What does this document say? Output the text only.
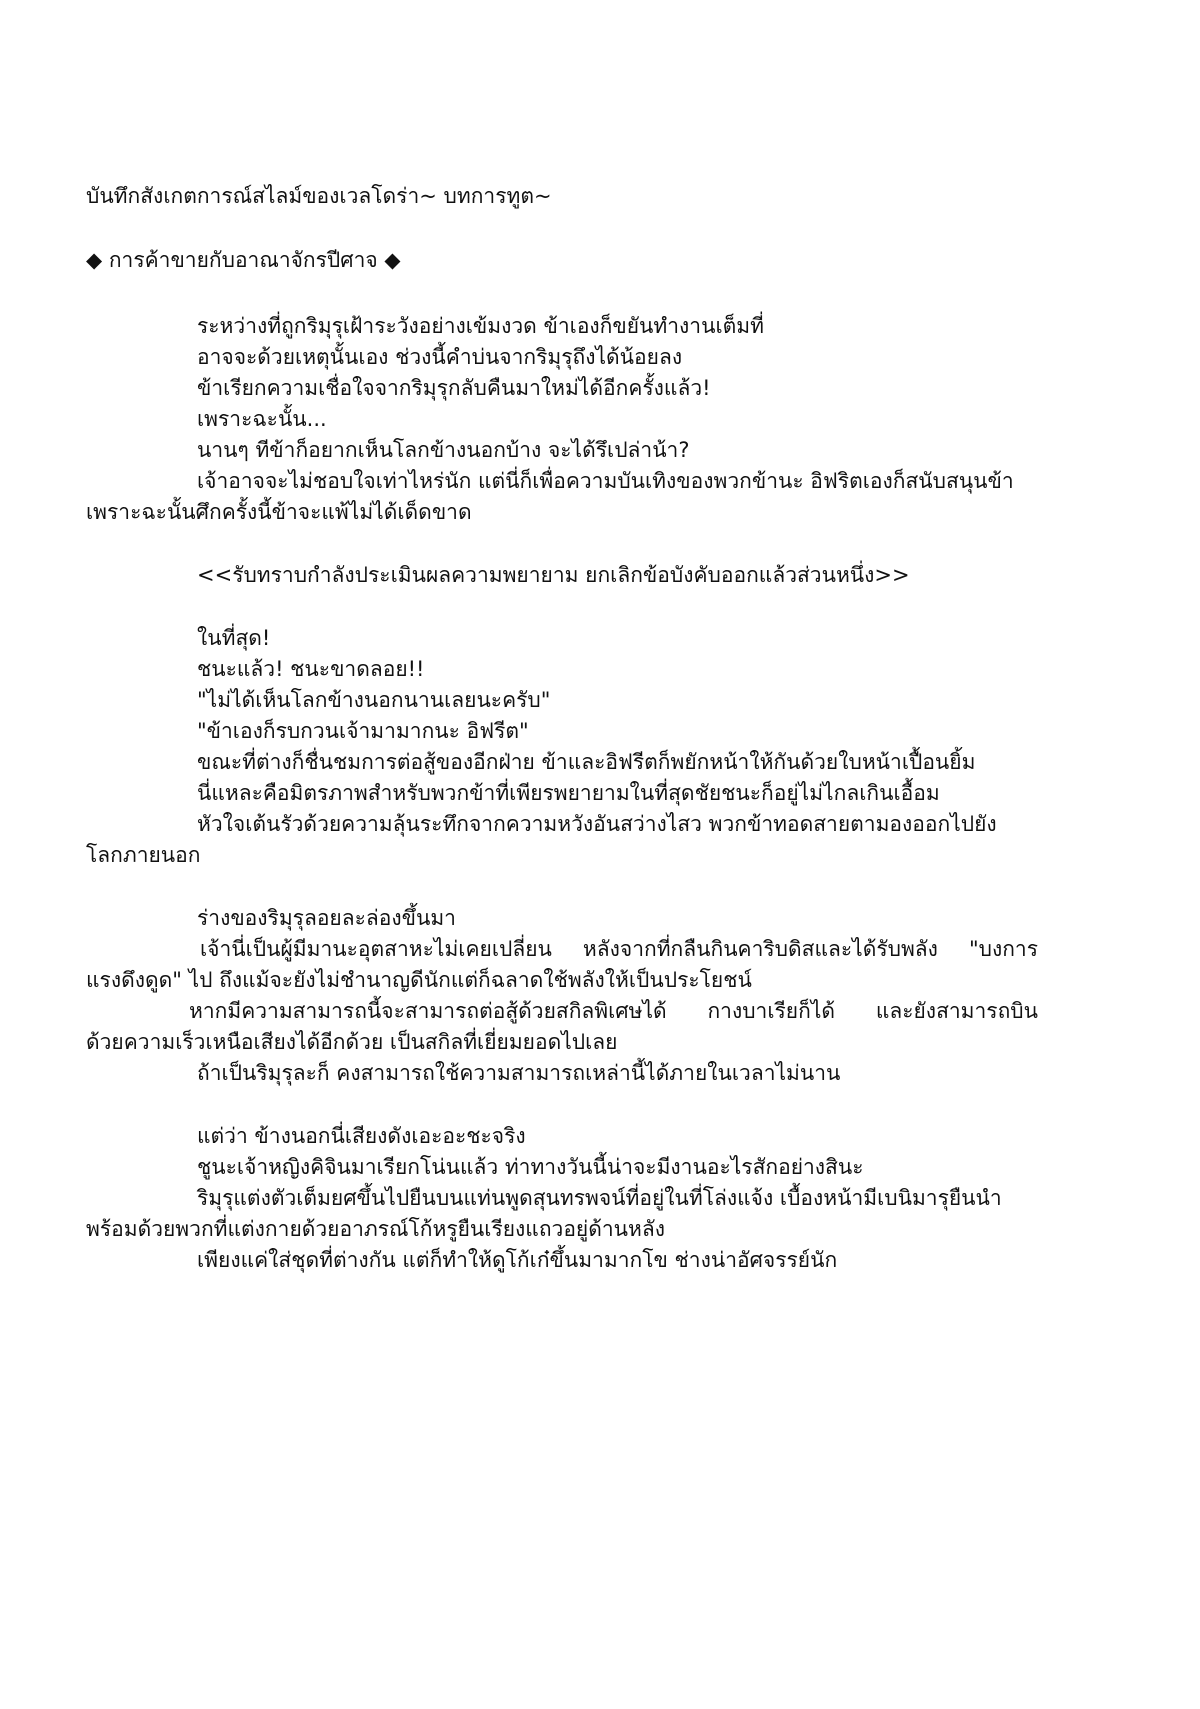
บันทึกสังเกตการณ์สไลม์ของเวลโดร่า~ บทการทูต~
◆ การค้าขายกับอาณาจักรปีศาจ ◆
ระหว่างที่ถูกริมุรุเฝ้าระวังอย่างเข้มงวด ข้าเองก็ขยันทำงานเต็มที่
อาจจะด้วยเหตุนั้นเอง ช่วงนี้คำบ่นจากริมุรุถึงได้น้อยลง
ข้าเรียกความเชื่อใจจากริมุรุกลับคืนมาใหม่ได้อีกครั้งแล้ว!
เพราะฉะนั้น...
นานๆ ทีข้าก็อยากเห็นโลกข้างนอกบ้าง จะได้รึเปล่าน้า?
เจ้าอาจจะไม่ชอบใจเท่าไหร่นัก แต่นี่ก็เพื่อความบันเทิงของพวกข้านะ อิฟริตเองก็สนับสนุนข้า
เพราะฉะนั้นศึกครั้งนี้ข้าจะแพ้ไม่ได้เด็ดขาด
<<รับทราบกำลังประเมินผลความพยายาม ยกเลิกข้อบังคับออกแล้วส่วนหนึ่ง>>
ในที่สุด!
ชนะแล้ว! ชนะขาดลอย!!
"ไม่ได้เห็นโลกข้างนอกนานเลยนะครับ"
"ข้าเองก็รบกวนเจ้ามามากนะ อิฟรีต"
ขณะที่ต่างก็ชื่นชมการต่อสู้ของอีกฝ่าย ข้าและอิฟรีตก็พยักหน้าให้กันด้วยใบหน้าเปื้อนยิ้ม
นี่แหละคือมิตรภาพสำหรับพวกข้าที่เพียรพยายามในที่สุดชัยชนะก็อยู่ไม่ไกลเกินเอื้อม
หัวใจเต้นรัวด้วยความลุ้นระทึกจากความหวังอันสว่างไสว พวกข้าทอดสายตามองออกไปยัง
โลกภายนอก
ร่างของริมุรุลอยละล่องขึ้นมา
เจ้านี่เป็นผู้มีมานะอุตสาหะไม่เคยเปลี่ยน หลังจากที่กลืนกินคาริบดิสและได้รับพลัง "บงการ
แรงดึงดูด" ไป ถึงแม้จะยังไม่ชำนาญดีนักแต่ก็ฉลาดใช้พลังให้เป็นประโยชน์
หากมีความสามารถนี้จะสามารถต่อสู้ด้วยสกิลพิเศษได้ กางบาเรียก็ได้ และยังสามารถบิน
ด้วยความเร็วเหนือเสียงได้อีกด้วย เป็นสกิลที่เยี่ยมยอดไปเลย
ถ้าเป็นริมุรุละก็ คงสามารถใช้ความสามารถเหล่านี้ได้ภายในเวลาไม่นาน
แต่ว่า ข้างนอกนี่เสียงดังเอะอะชะจริง
ชูนะเจ้าหญิงคิจินมาเรียกโน่นแล้ว ท่าทางวันนี้น่าจะมีงานอะไรสักอย่างสินะ
ริมุรุแต่งตัวเต็มยศขึ้นไปยืนบนแท่นพูดสุนทรพจน์ที่อยู่ในที่โล่งแจ้ง เบื้องหน้ามีเบนิมารุยืนนำ
พร้อมด้วยพวกที่แต่งกายด้วยอาภรณ์โก้หรูยืนเรียงแถวอยู่ด้านหลัง
เพียงแค่ใส่ชุดที่ต่างกัน แต่ก็ทำให้ดูโก้เก๋ขึ้นมามากโข ช่างน่าอัศจรรย์นัก
